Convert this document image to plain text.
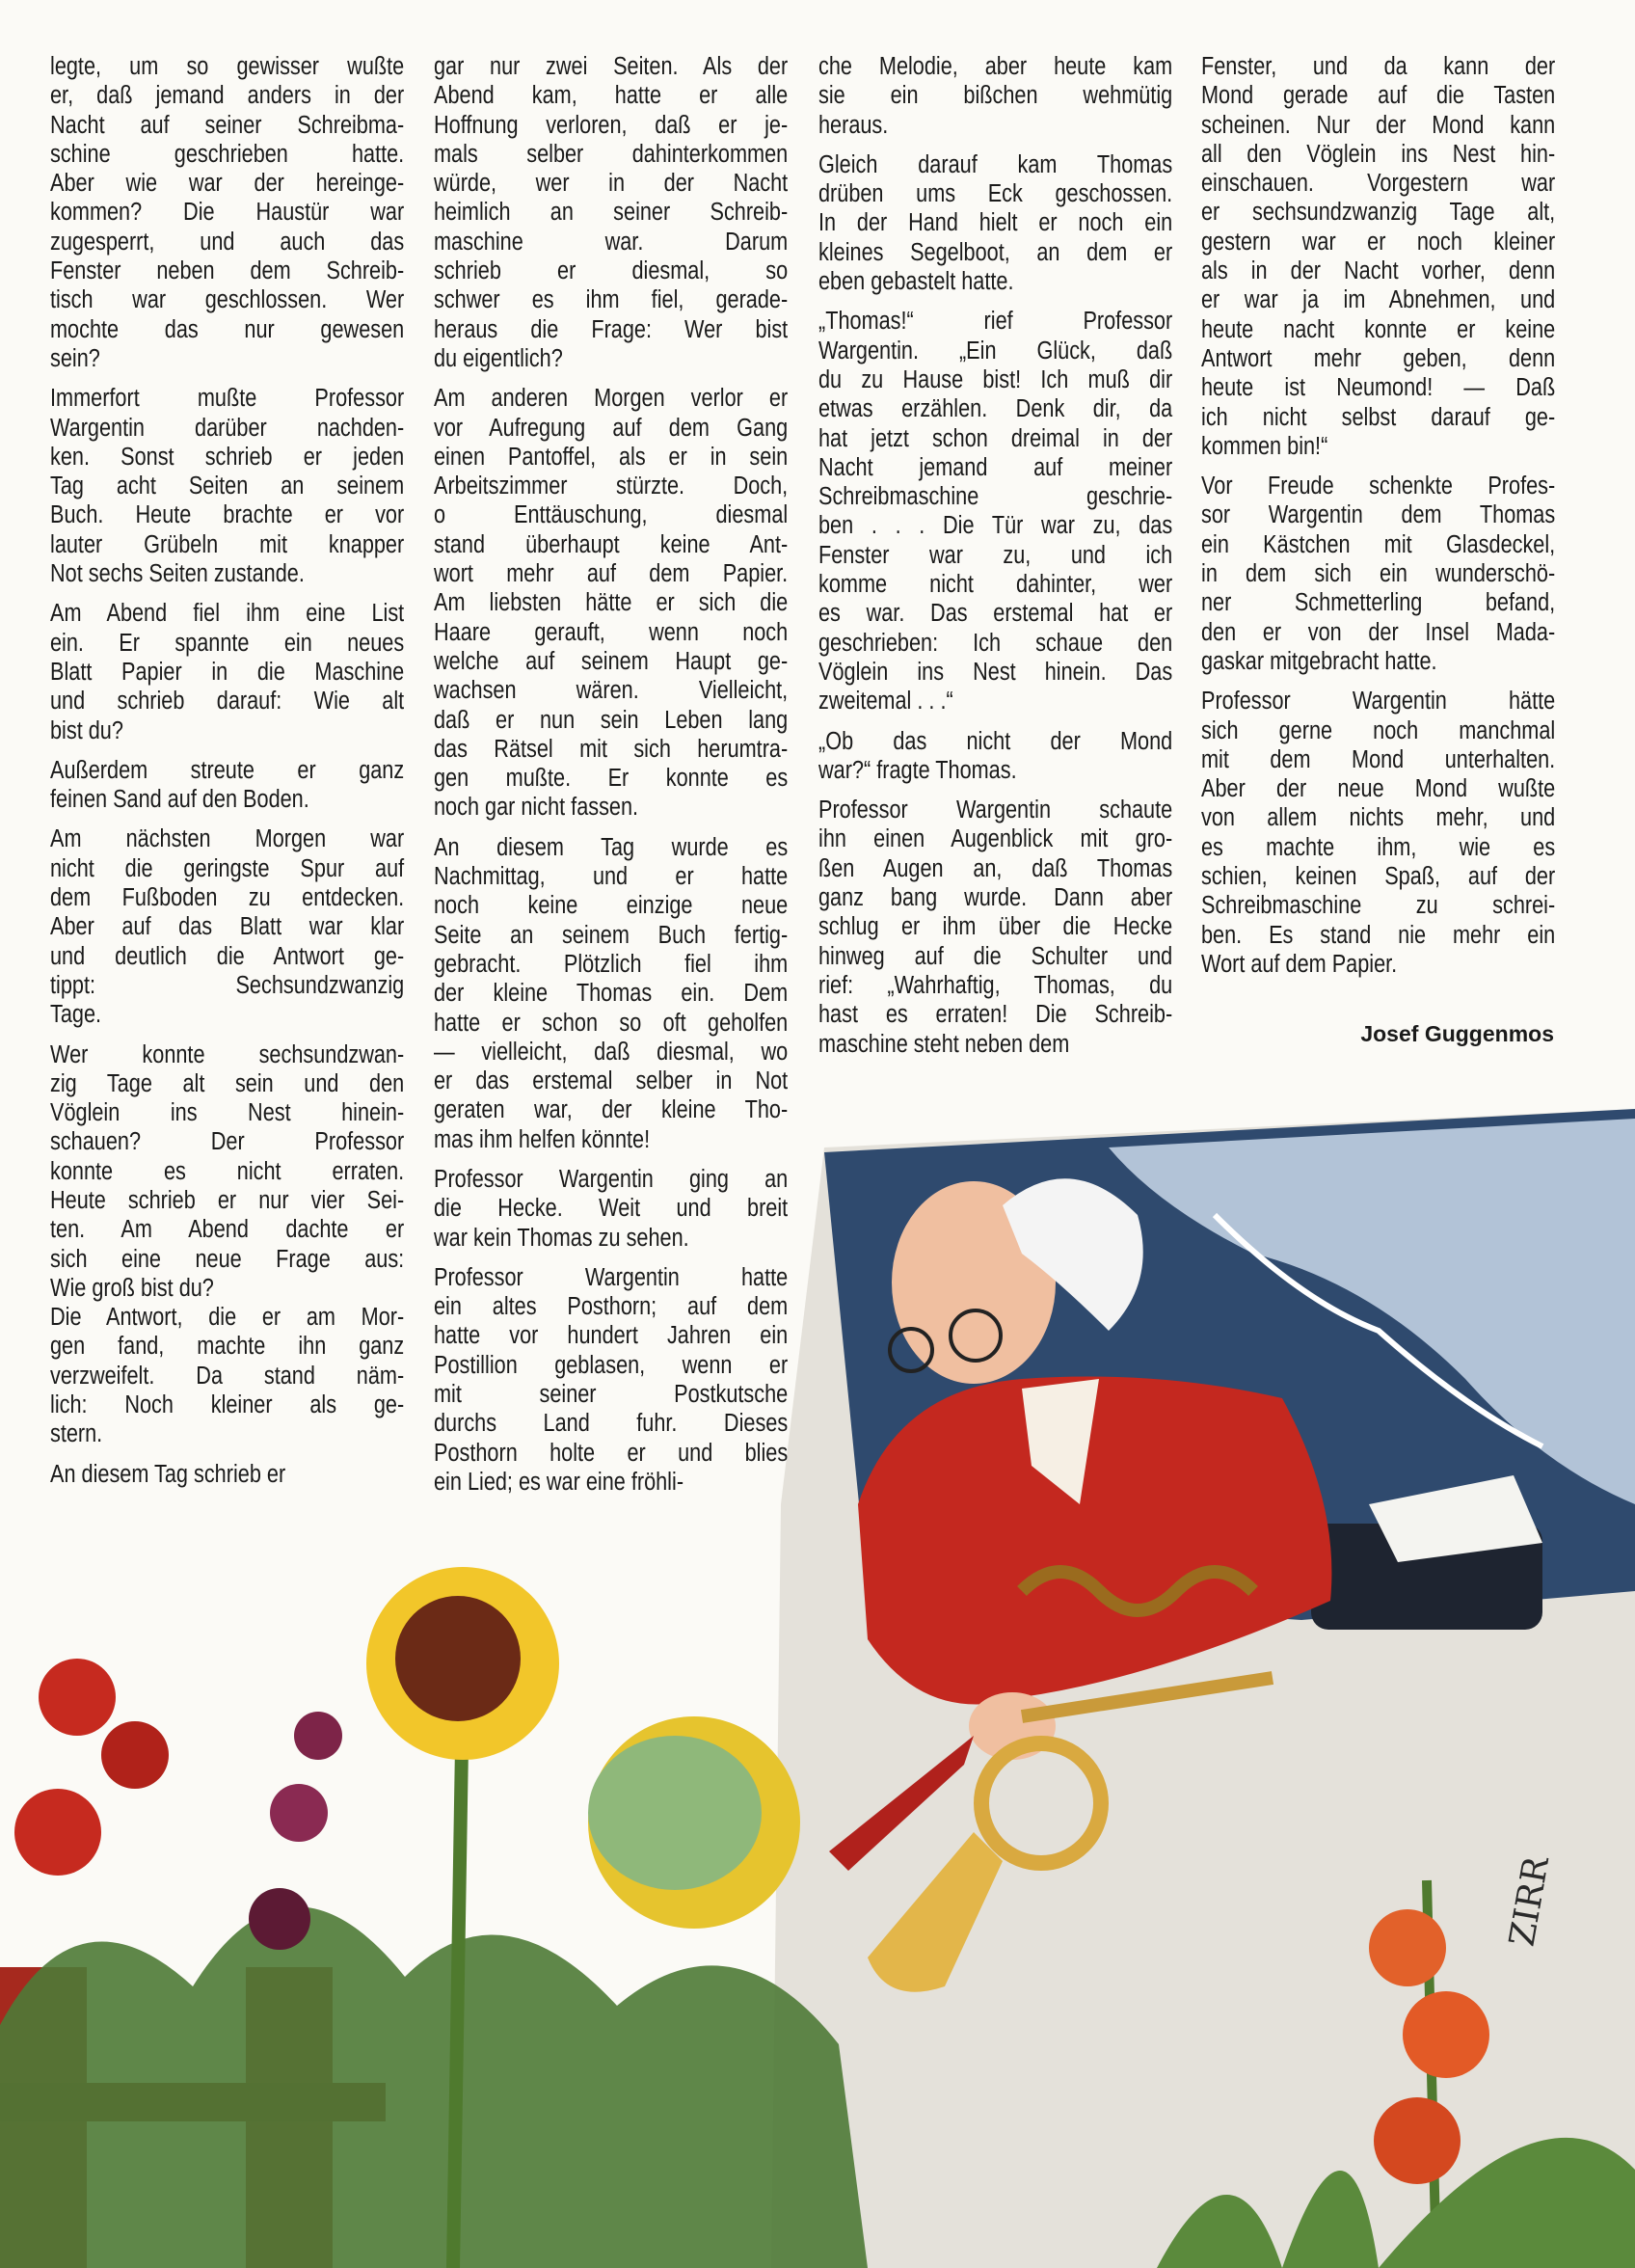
ZIRR
legte, um so gewisser wußte
er, daß jemand anders in der
Nacht auf seiner Schreibma-
schine geschrieben hatte.
Aber wie war der hereinge-
kommen? Die Haustür war
zugesperrt, und auch das
Fenster neben dem Schreib-
tisch war geschlossen. Wer
mochte das nur gewesen
sein?
Immerfort mußte Professor
Wargentin darüber nachden-
ken. Sonst schrieb er jeden
Tag acht Seiten an seinem
Buch. Heute brachte er vor
lauter Grübeln mit knapper
Not sechs Seiten zustande.
Am Abend fiel ihm eine List
ein. Er spannte ein neues
Blatt Papier in die Maschine
und schrieb darauf: Wie alt
bist du?
Außerdem streute er ganz
feinen Sand auf den Boden.
Am nächsten Morgen war
nicht die geringste Spur auf
dem Fußboden zu entdecken.
Aber auf das Blatt war klar
und deutlich die Antwort ge-
tippt: Sechsundzwanzig
Tage.
Wer konnte sechsundzwan-
zig Tage alt sein und den
Vöglein ins Nest hinein-
schauen? Der Professor
konnte es nicht erraten.
Heute schrieb er nur vier Sei-
ten. Am Abend dachte er
sich eine neue Frage aus:
Wie groß bist du?
Die Antwort, die er am Mor-
gen fand, machte ihn ganz
verzweifelt. Da stand näm-
lich: Noch kleiner als ge-
stern.
An diesem Tag schrieb er
gar nur zwei Seiten. Als der
Abend kam, hatte er alle
Hoffnung verloren, daß er je-
mals selber dahinterkommen
würde, wer in der Nacht
heimlich an seiner Schreib-
maschine war. Darum
schrieb er diesmal, so
schwer es ihm fiel, gerade-
heraus die Frage: Wer bist
du eigentlich?
Am anderen Morgen verlor er
vor Aufregung auf dem Gang
einen Pantoffel, als er in sein
Arbeitszimmer stürzte. Doch,
o Enttäuschung, diesmal
stand überhaupt keine Ant-
wort mehr auf dem Papier.
Am liebsten hätte er sich die
Haare gerauft, wenn noch
welche auf seinem Haupt ge-
wachsen wären. Vielleicht,
daß er nun sein Leben lang
das Rätsel mit sich herumtra-
gen mußte. Er konnte es
noch gar nicht fassen.
An diesem Tag wurde es
Nachmittag, und er hatte
noch keine einzige neue
Seite an seinem Buch fertig-
gebracht. Plötzlich fiel ihm
der kleine Thomas ein. Dem
hatte er schon so oft geholfen
— vielleicht, daß diesmal, wo
er das erstemal selber in Not
geraten war, der kleine Tho-
mas ihm helfen könnte!
Professor Wargentin ging an
die Hecke. Weit und breit
war kein Thomas zu sehen.
Professor Wargentin hatte
ein altes Posthorn; auf dem
hatte vor hundert Jahren ein
Postillion geblasen, wenn er
mit seiner Postkutsche
durchs Land fuhr. Dieses
Posthorn holte er und blies
ein Lied; es war eine fröhli-
che Melodie, aber heute kam
sie ein bißchen wehmütig
heraus.
Gleich darauf kam Thomas
drüben ums Eck geschossen.
In der Hand hielt er noch ein
kleines Segelboot, an dem er
eben gebastelt hatte.
„Thomas!“ rief Professor
Wargentin. „Ein Glück, daß
du zu Hause bist! Ich muß dir
etwas erzählen. Denk dir, da
hat jetzt schon dreimal in der
Nacht jemand auf meiner
Schreibmaschine geschrie-
ben . . . Die Tür war zu, das
Fenster war zu, und ich
komme nicht dahinter, wer
es war. Das erstemal hat er
geschrieben: Ich schaue den
Vöglein ins Nest hinein. Das
zweitemal . . .“
„Ob das nicht der Mond
war?“ fragte Thomas.
Professor Wargentin schaute
ihn einen Augenblick mit gro-
ßen Augen an, daß Thomas
ganz bang wurde. Dann aber
schlug er ihm über die Hecke
hinweg auf die Schulter und
rief: „Wahrhaftig, Thomas, du
hast es erraten! Die Schreib-
maschine steht neben dem
Fenster, und da kann der
Mond gerade auf die Tasten
scheinen. Nur der Mond kann
all den Vöglein ins Nest hin-
einschauen. Vorgestern war
er sechsundzwanzig Tage alt,
gestern war er noch kleiner
als in der Nacht vorher, denn
er war ja im Abnehmen, und
heute nacht konnte er keine
Antwort mehr geben, denn
heute ist Neumond! — Daß
ich nicht selbst darauf ge-
kommen bin!“
Vor Freude schenkte Profes-
sor Wargentin dem Thomas
ein Kästchen mit Glasdeckel,
in dem sich ein wunderschö-
ner Schmetterling befand,
den er von der Insel Mada-
gaskar mitgebracht hatte.
Professor Wargentin hätte
sich gerne noch manchmal
mit dem Mond unterhalten.
Aber der neue Mond wußte
von allem nichts mehr, und
es machte ihm, wie es
schien, keinen Spaß, auf der
Schreibmaschine zu schrei-
ben. Es stand nie mehr ein
Wort auf dem Papier.
Josef Guggenmos
